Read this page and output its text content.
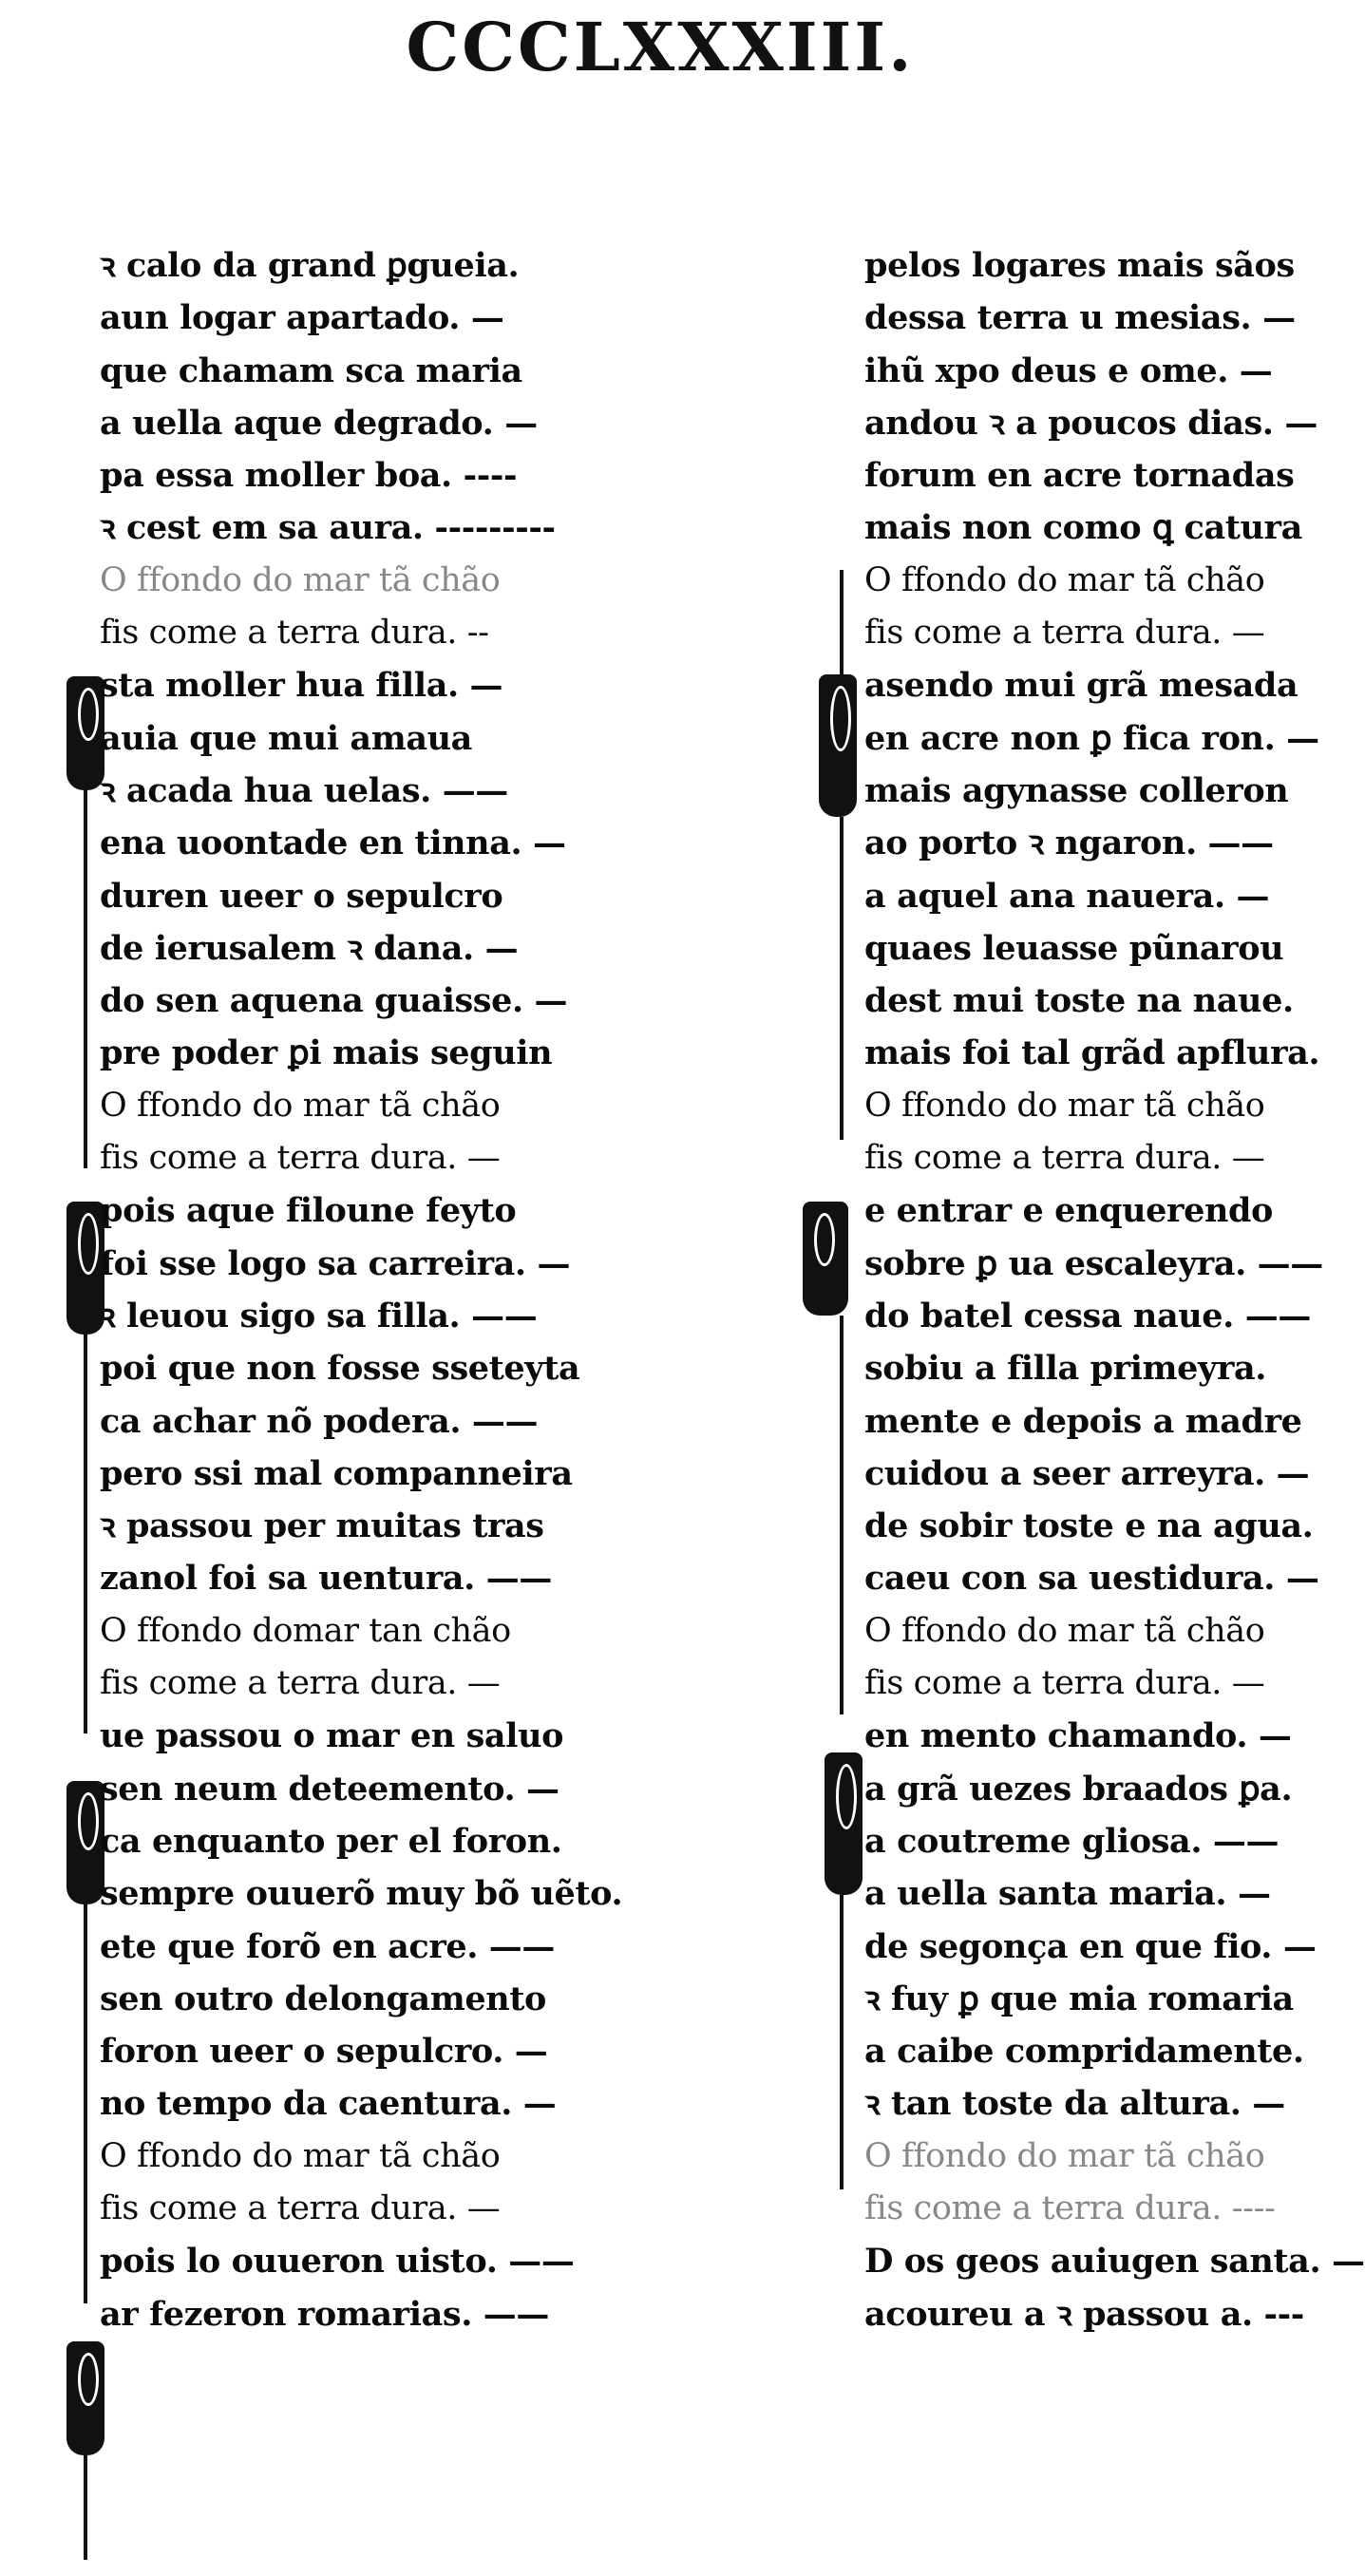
CCCLXXXIII.
ꝛ calo da grand ꝑgueia.
aun logar apartado. —
que chamam sca maria
a uella aque degrado. —
pa essa moller boa. ----
ꝛ cest em sa aura. ---------
O ffondo do mar tã chão
fis come a terra dura. --
sta moller hua filla. —
auia que mui amaua
ꝛ acada hua uelas. ——
ena uoontade en tinna. —
duren ueer o sepulcro
de ierusalem ꝛ dana. —
do sen aquena guaisse. —
pre poder ꝑi mais seguin
O ffondo do mar tã chão
fis come a terra dura. —
pois aque filoune feyto
foi sse logo sa carreira. —
ꝛ leuou sigo sa filla. ——
poi que non fosse sseteyta
ca achar nõ podera. ——
pero ssi mal companneira
ꝛ passou per muitas tras
zanol foi sa uentura. ——
O ffondo domar tan chão
fis come a terra dura. —
ue passou o mar en saluo
sen neum deteemento. —
ca enquanto per el foron.
sempre ouuerõ muy bõ uẽto.
ete que forõ en acre. ——
sen outro delongamento
foron ueer o sepulcro. —
no tempo da caentura. —
O ffondo do mar tã chão
fis come a terra dura. —
pois lo ouueron uisto. ——
ar fezeron romarias. ——
pelos logares mais sãos
dessa terra u mesias. —
ihũ xpo deus e ome. —
andou ꝛ a poucos dias. —
forum en acre tornadas
mais non como ꝗ catura
O ffondo do mar tã chão
fis come a terra dura. —
asendo mui grã mesada
en acre non ꝑ fica ron. —
mais agynasse colleron
ao porto ꝛ ngaron. ——
a aquel ana nauera. —
quaes leuasse pũnarou
dest mui toste na naue.
mais foi tal grãd apflura.
O ffondo do mar tã chão
fis come a terra dura. —
e entrar e enquerendo
sobre ꝑ ua escaleyra. ——
do batel cessa naue. ——
sobiu a filla primeyra.
mente e depois a madre
cuidou a seer arreyra. —
de sobir toste e na agua.
caeu con sa uestidura. —
O ffondo do mar tã chão
fis come a terra dura. —
en mento chamando. —
a grã uezes braados ꝑa.
a coutreme gliosa. ——
a uella santa maria. —
de segonça en que fio. —
ꝛ fuy ꝑ que mia romaria
a caibe compridamente.
ꝛ tan toste da altura. —
O ffondo do mar tã chão
fis come a terra dura. ----
D os geos auiugen santa. —
acoureu a ꝛ passou a. ---
